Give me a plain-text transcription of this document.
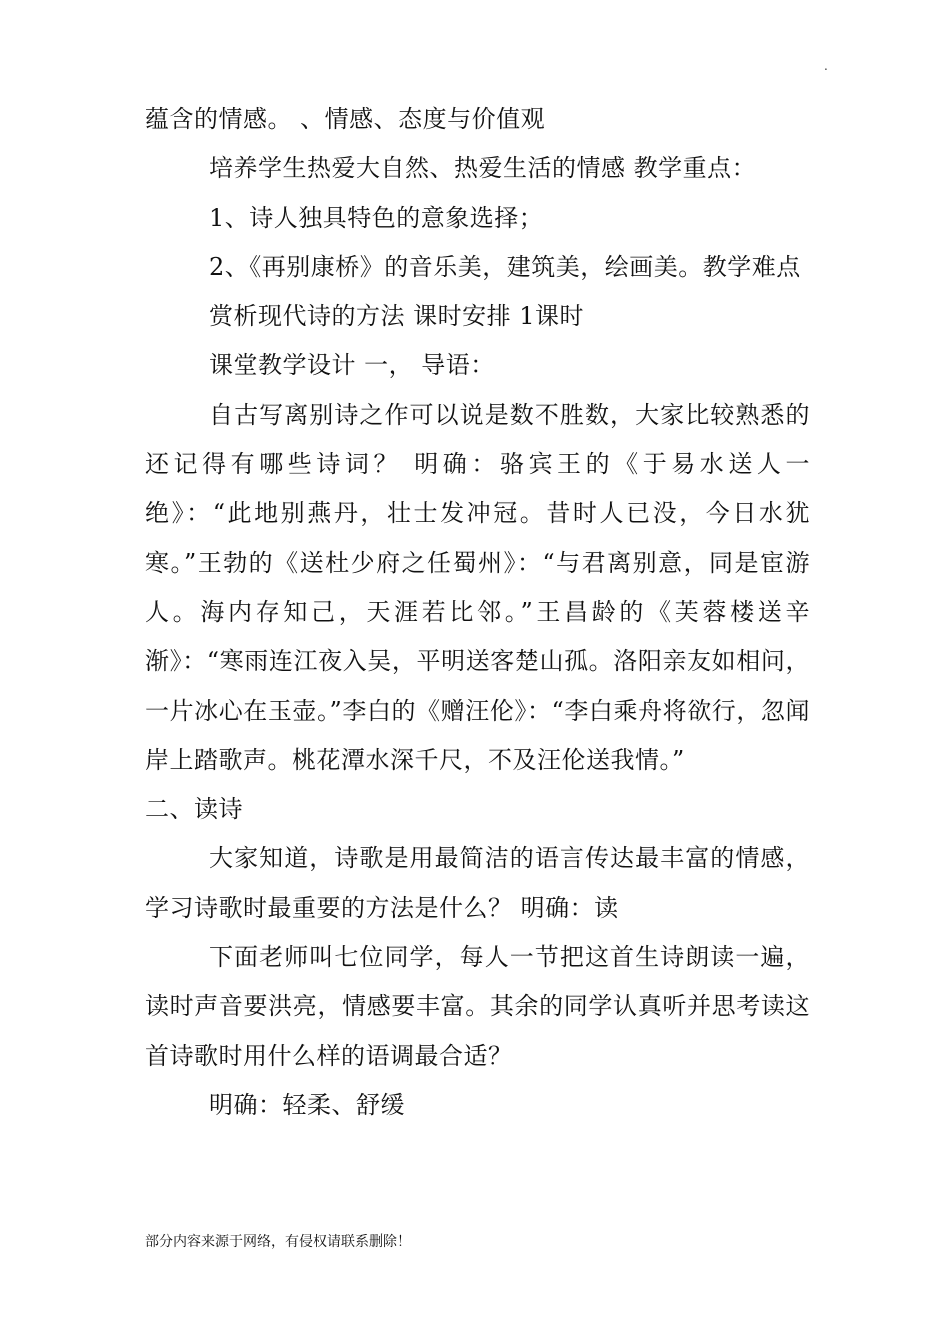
.

蕴含的情感。 、情感、态度与价值观

培养学生热爱大自然、热爱生活的情感 教学重点：

1、诗人独具特色的意象选择；

2、《再别康桥》的音乐美，建筑美，绘画美。教学难点

赏析现代诗的方法 课时安排 1课时

课堂教学设计 一， 导语：

自古写离别诗之作可以说是数不胜数，大家比较熟悉的还记得有哪些诗词？ 明确：骆宾王的《于易水送人一绝》：“此地别燕丹，壮士发冲冠。昔时人已没，今日水犹寒。”王勃的《送杜少府之任蜀州》：“与君离别意，同是宦游人。海内存知己，天涯若比邻。”王昌龄的《芙蓉楼送辛渐》：“寒雨连江夜入吴，平明送客楚山孤。洛阳亲友如相问，一片冰心在玉壶。”李白的《赠汪伦》：“李白乘舟将欲行，忽闻岸上踏歌声。桃花潭水深千尺，不及汪伦送我情。”

二、读诗

大家知道，诗歌是用最简洁的语言传达最丰富的情感，学习诗歌时最重要的方法是什么？ 明确：读

下面老师叫七位同学，每人一节把这首生诗朗读一遍，读时声音要洪亮，情感要丰富。其余的同学认真听并思考读这首诗歌时用什么样的语调最合适？

明确：轻柔、舒缓

部分内容来源于网络，有侵权请联系删除！
